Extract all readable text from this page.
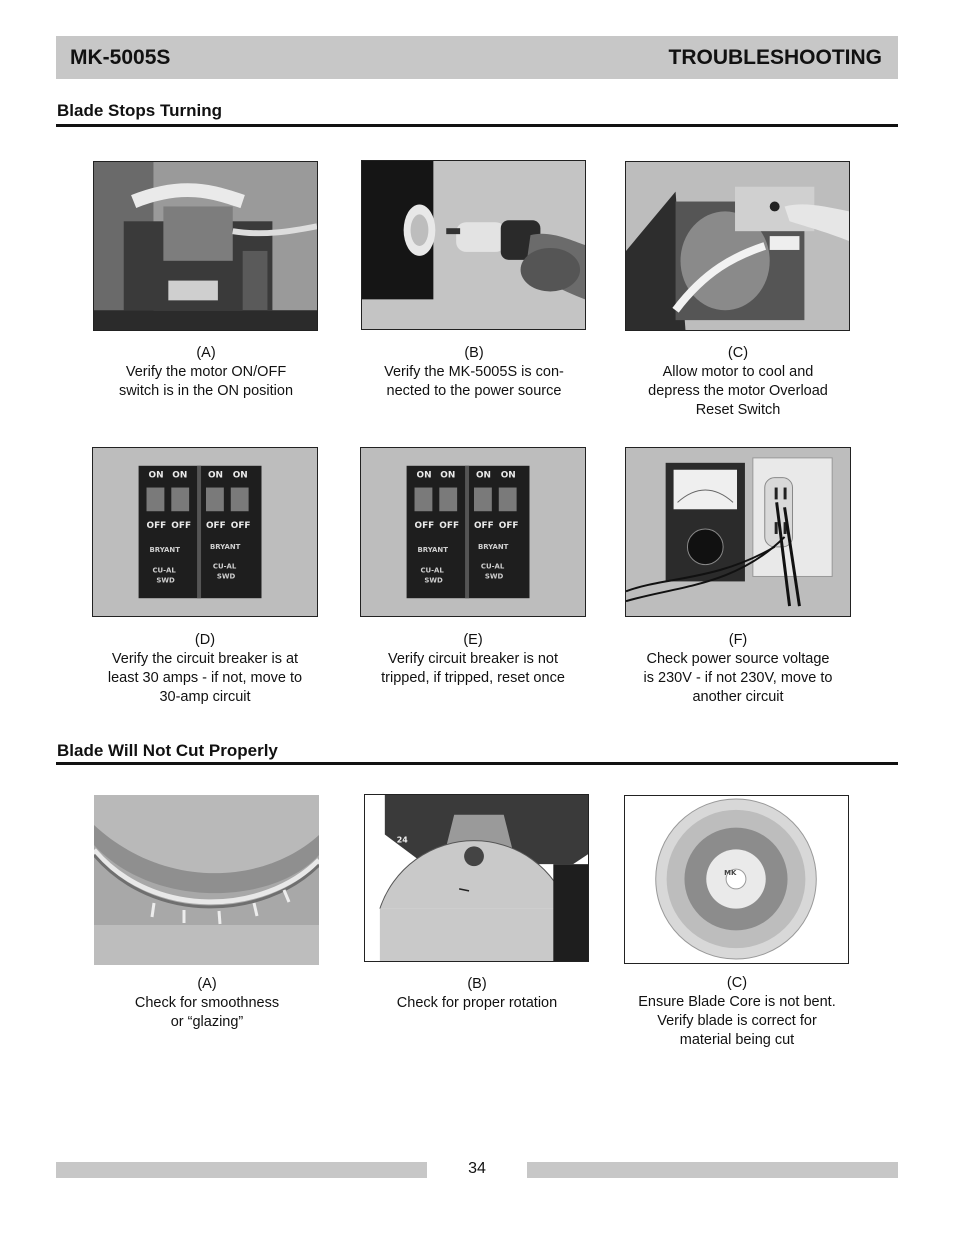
MK-5005S	TROUBLESHOOTING
Blade Stops Turning
(A)
Verify the motor ON/OFF
switch is in the ON position
(B)
Verify the MK-5005S is con-
nected to the power source
(C)
Allow motor to cool and
depress the motor Overload
Reset Switch
ON ON ON ON
OFF OFF OFF OFF
BRYANT
CU-AL
SWD
BRYANT
CU-AL
SWD
(D)
Verify the circuit breaker is at
least 30 amps - if not, move to
30-amp circuit
ON ON ON ON
OFF OFF OFF OFF
BRYANT
CU-AL
SWD
BRYANT
CU-AL
SWD
(E)
Verify circuit breaker is not
tripped, if tripped, reset once
(F)
Check power source voltage
is 230V - if not 230V, move to
another circuit
Blade Will Not Cut Properly
(A)
Check for smoothness
or “glazing”
24
(B)
Check for proper rotation
MK
(C)
Ensure Blade Core is not bent.
Verify blade is correct for
material being cut
34
